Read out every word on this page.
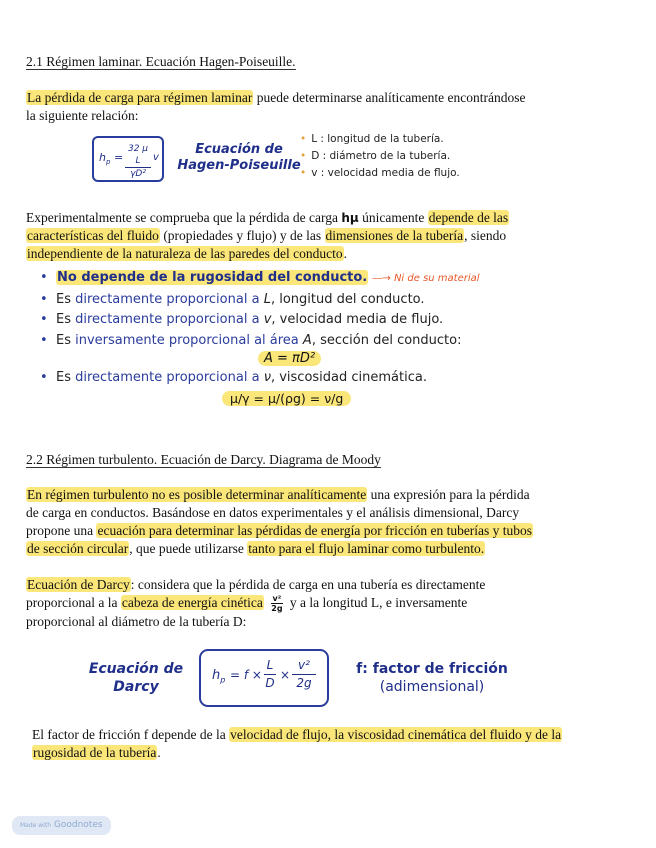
2.1 Régimen laminar. Ecuación Hagen-Poiseuille.
La pérdida de carga para régimen laminar puede determinarse analíticamente encontrándose
la siguiente relación:
$h_p = \frac{\text{32 μ L}}{\text{γD²}}$ v
Ecuación de
Hagen-Poiseuille
• L : longitud de la tubería.
• D : diámetro de la tubería.
• v : velocidad media de flujo.
Experimentalmente se comprueba que la pérdida de carga hμ únicamente depende de las
características del fluido (propiedades y flujo) y de las dimensiones de la tubería, siendo
independiente de la naturaleza de las paredes del conducto.
• No depende de la rugosidad del conducto. ―→ Ni de su material
• Es directamente proporcional a L, longitud del conducto.
• Es directamente proporcional a v, velocidad media de flujo.
• Es inversamente proporcional al área A, sección del conducto:
A = πD²
• Es directamente proporcional a ν, viscosidad cinemática.
μ/γ = μ/(ρg) = ν/g
2.2 Régimen turbulento. Ecuación de Darcy. Diagrama de Moody
En régimen turbulento no es posible determinar analíticamente una expresión para la pérdida
de carga en conductos. Basándose en datos experimentales y el análisis dimensional, Darcy
propone una ecuación para determinar las pérdidas de energía por fricción en tuberías y tubos
de sección circular, que puede utilizarse tanto para el flujo laminar como turbulento.
Ecuación de Darcy: considera que la pérdida de carga en una tubería es directamente
proporcional a la cabeza de energía cinética $\frac{\text{v²}}{2g}$ y a la longitud L, e inversamente
proporcional al diámetro de la tubería D:
Ecuación de
Darcy
$h_p = f$ ×
L
D
×
v²
2g
f: factor de fricción
(adimensional)
El factor de fricción f depende de la velocidad de flujo, la viscosidad cinemática del fluido y de la
rugosidad de la tubería.
Made with Goodnotes
